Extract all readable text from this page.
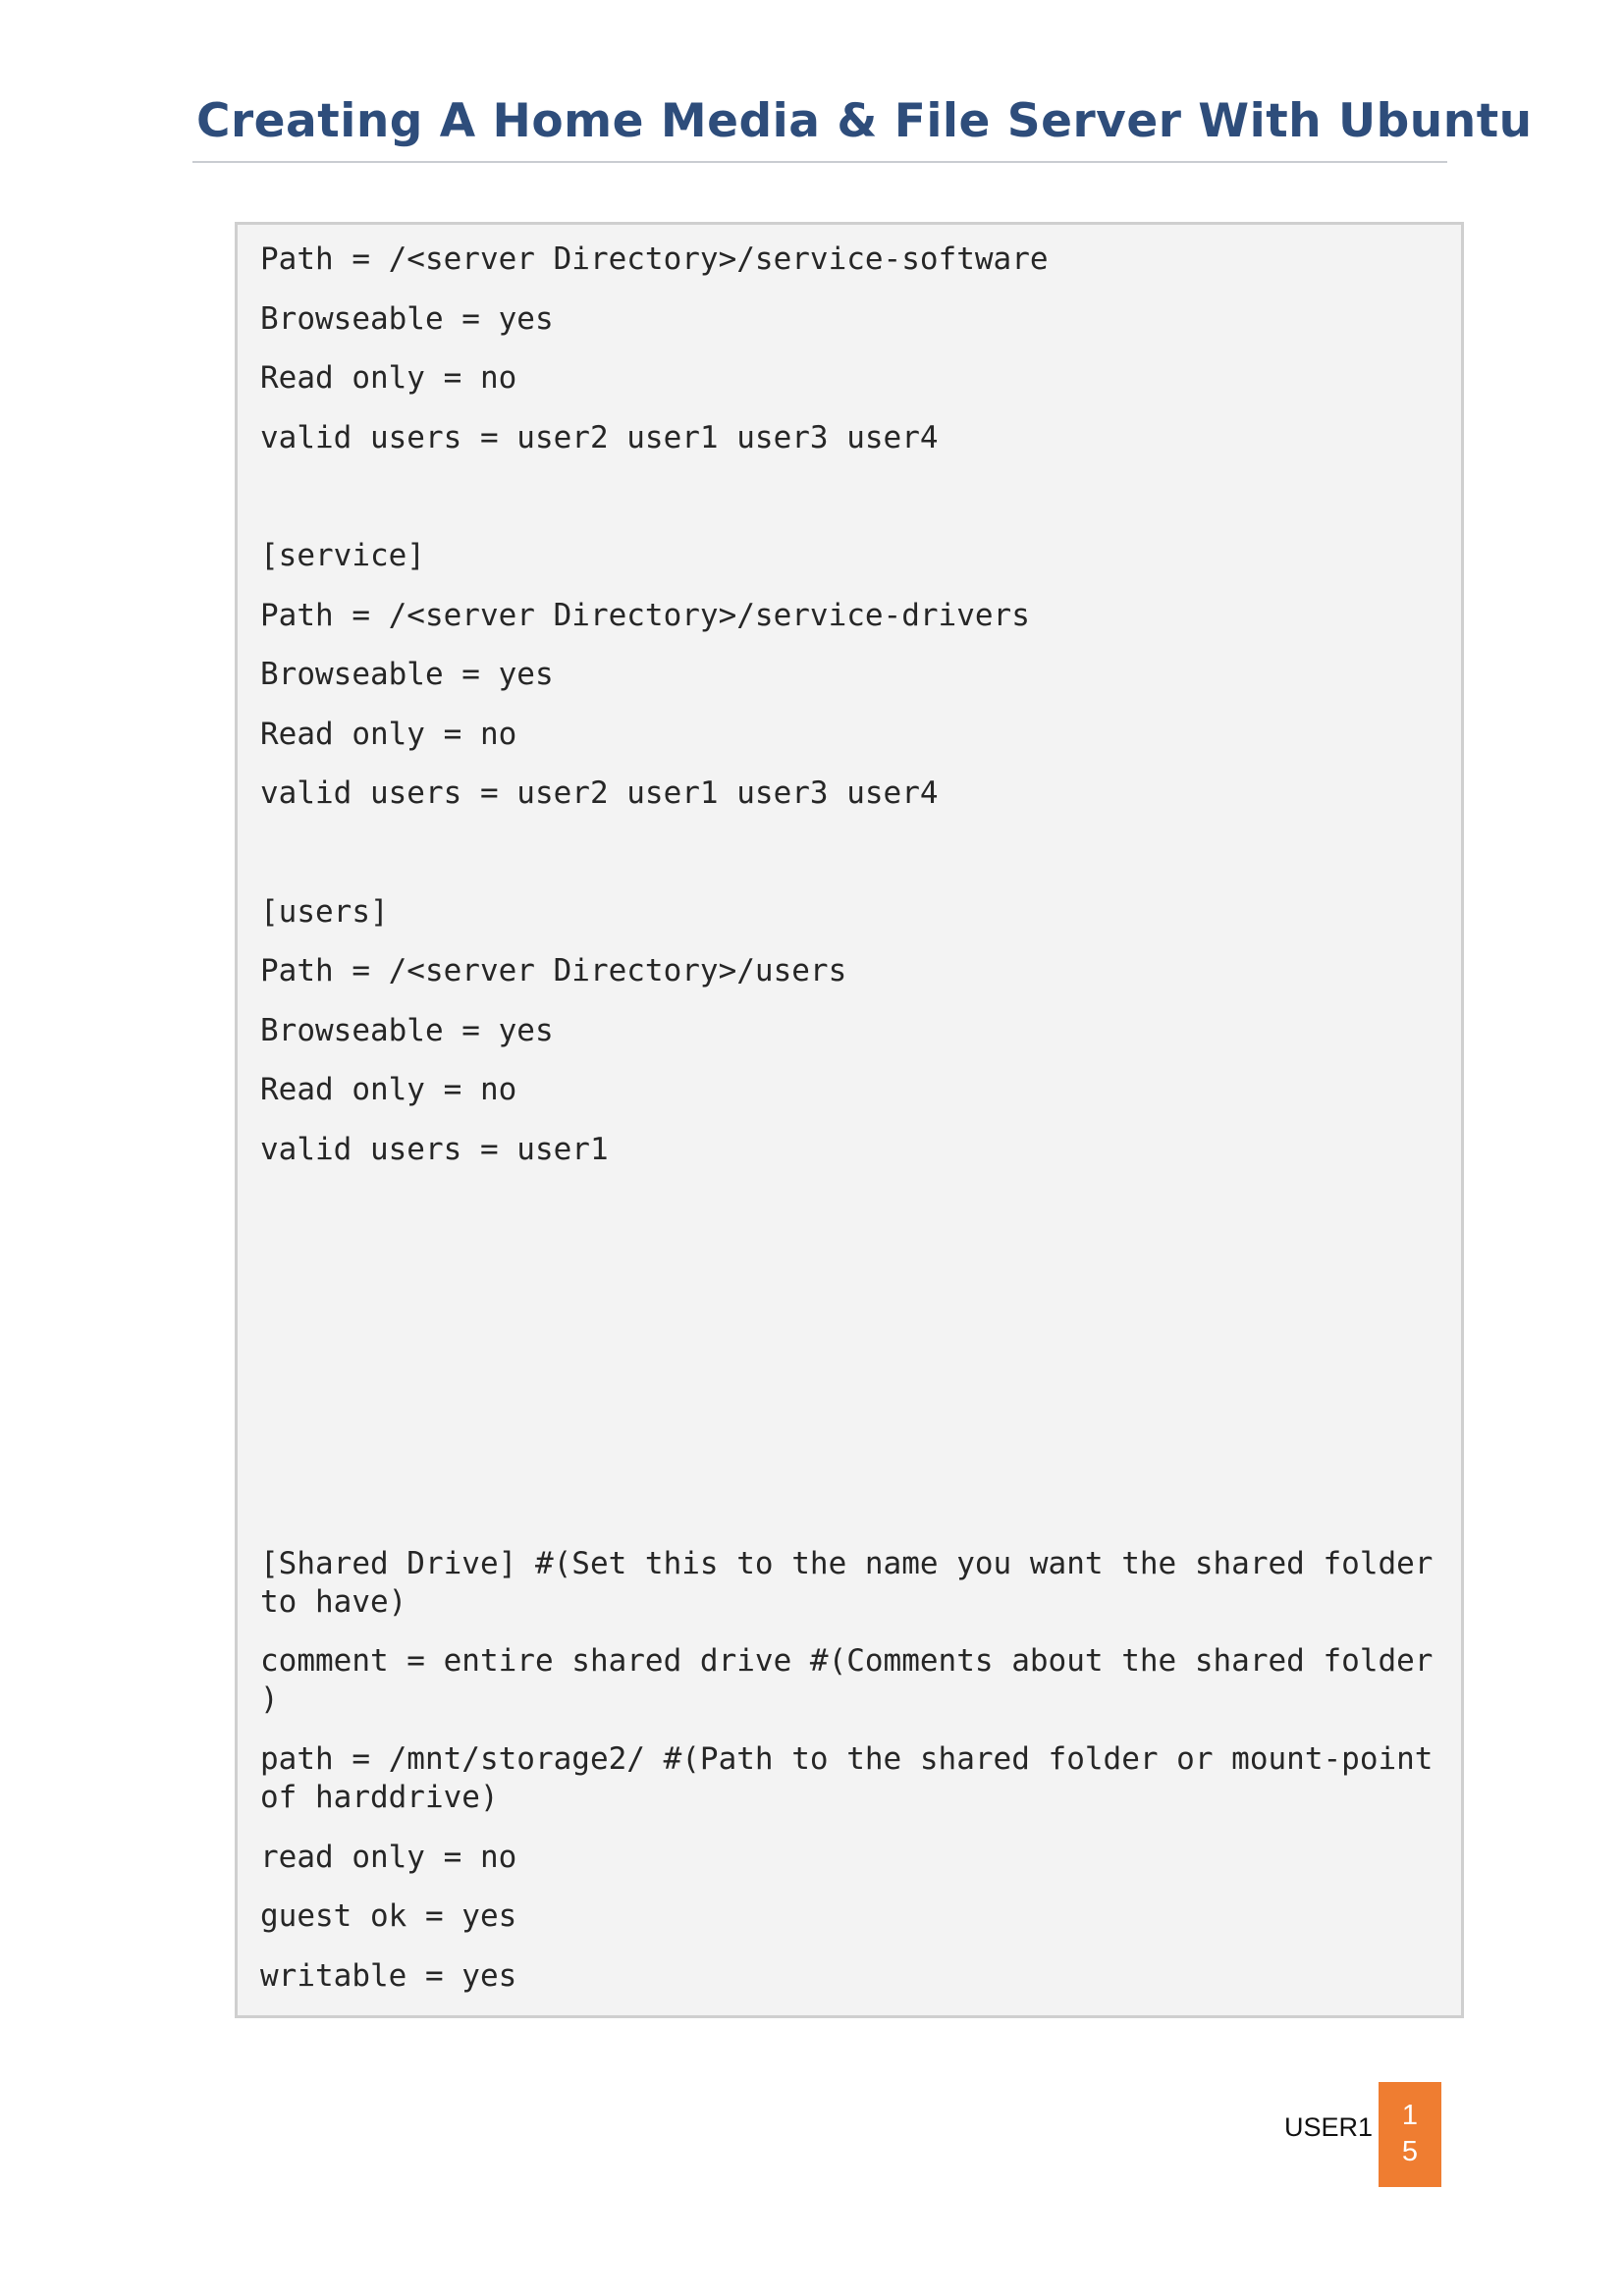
Creating A Home Media & File Server With Ubuntu
Path = /<server Directory>/service-software
Browseable = yes
Read only = no
valid users = user2 user1 user3 user4
[service]
Path = /<server Directory>/service-drivers
Browseable = yes
Read only = no
valid users = user2 user1 user3 user4
[users]
Path = /<server Directory>/users
Browseable = yes
Read only = no
valid users = user1
[Shared Drive] #(Set this to the name you want the shared folder
to have)
comment = entire shared drive #(Comments about the shared folder
)
path = /mnt/storage2/ #(Path to the shared folder or mount-point
of harddrive)
read only = no
guest ok = yes
writable = yes
USER1	1
5
